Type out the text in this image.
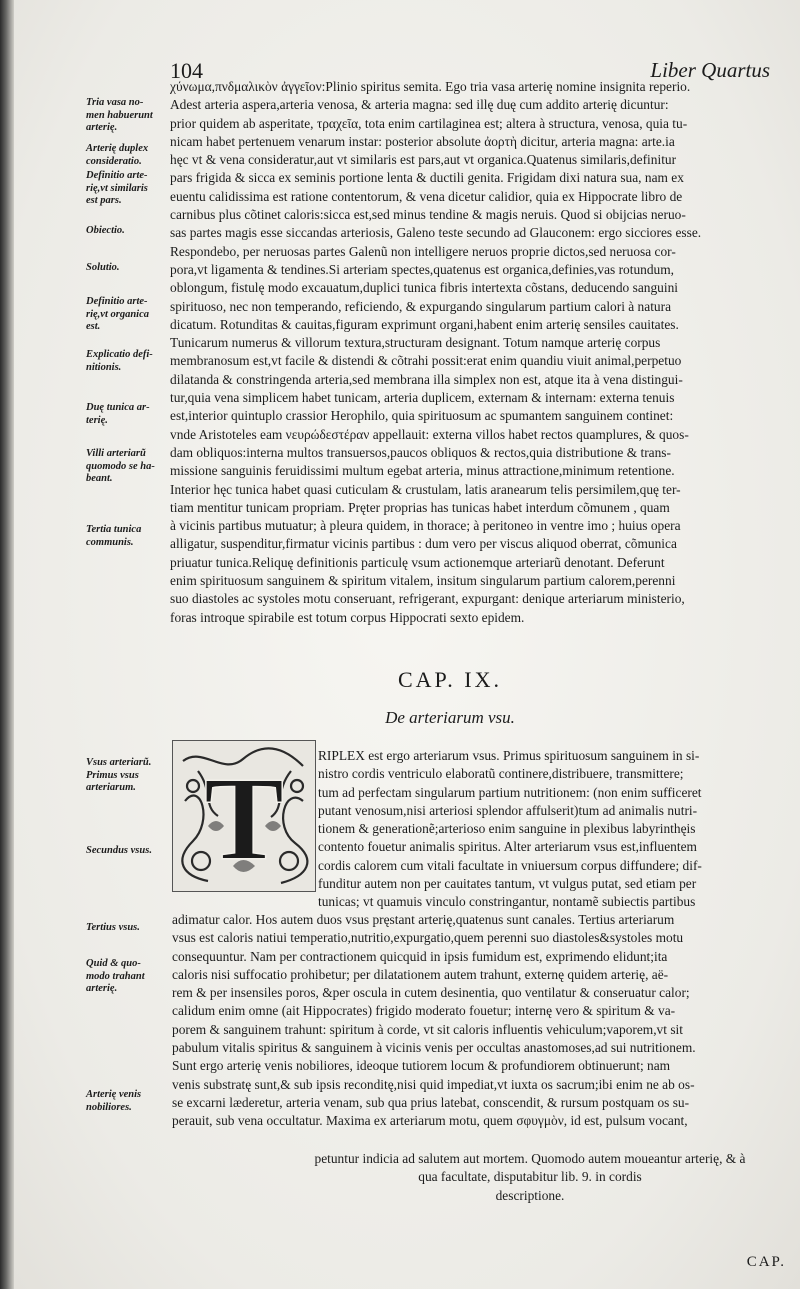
104	Liber Quartus
Tria vasa no-
men habuerunt
arterię.
Arterię duplex
consideratio.
Definitio arte-
rię,vt similaris
est pars.
Obiectio.
Solutio.
Definitio arte-
rię,vt organica
est.
Explicatio defi-
nitionis.
Duę tunica ar-
terię.
Villi arteriarũ
quomodo se ha-
beant.
Tertia tunica
communis.
Vsus arteriarũ.
Primus vsus
arteriarum.
Secundus vsus.
Tertius vsus.
Quid & quo-
modo trahant
arterię.
Arterię venis
nobiliores.

χύνωμα,πνδμαλικὸν ἀγγεῖον:Plinio spiritus semita. Ego tria vasa arterię nomine insignita reperio.

Adest arteria aspera,arteria venosa, & arteria magna: sed illę duę cum addito arterię dicuntur:

prior quidem ab asperitate, τραχεῖα, tota enim cartilaginea est; altera à structura, venosa, quia tu-

nicam habet pertenuem venarum instar: posterior absolute ἀορτὴ dicitur, arteria magna: arte.ia

hęc vt & vena consideratur,aut vt similaris est pars,aut vt organica.Quatenus similaris,definitur

pars frigida & sicca ex seminis portione lenta & ductili genita. Frigidam dixi natura sua, nam ex

euentu calidissima est ratione contentorum, & vena dicetur calidior, quia ex Hippocrate libro de

carnibus plus cõtinet caloris:sicca est,sed minus tendine & magis neruis. Quod si obijcias neruo-

sas partes magis esse siccandas arteriosis, Galeno teste secundo ad Glauconem: ergo sicciores esse.

Respondebo, per neruosas partes Galenũ non intelligere neruos proprie dictos,sed neruosa cor-

pora,vt ligamenta & tendines.Si arteriam spectes,quatenus est organica,definies,vas rotundum,

oblongum, fistulę modo excauatum,duplici tunica fibris intertexta cõstans, deducendo sanguini

spirituoso, nec non temperando, reficiendo, & expurgando singularum partium calori à natura

dicatum. Rotunditas & cauitas,figuram exprimunt organi,habent enim arterię sensiles cauitates.

Tunicarum numerus & villorum textura,structuram designant. Totum namque arterię corpus

membranosum est,vt facile & distendi & cõtrahi possit:erat enim quandiu viuit animal,perpetuo

dilatanda & constringenda arteria,sed membrana illa simplex non est, atque ita à vena distingui-

tur,quia vena simplicem habet tunicam, arteria duplicem, externam & internam: externa tenuis

est,interior quintuplo crassior Herophilo, quia spirituosum ac spumantem sanguinem continet:

vnde Aristoteles eam νευρώδεστέραν appellauit: externa villos habet rectos quamplures, & quos-

dam obliquos:interna multos transuersos,paucos obliquos & rectos,quia distributione & trans-

missione sanguinis feruidissimi multum egebat arteria, minus attractione,minimum retentione.

Interior hęc tunica habet quasi cuticulam & crustulam, latis aranearum telis persimilem,quę ter-

tiam mentitur tunicam propriam. Pręter proprias has tunicas habet interdum cõmunem , quam

à vicinis partibus mutuatur; à pleura quidem, in thorace; à peritoneo in ventre imo ; huius opera

alligatur, suspenditur,firmatur vicinis partibus : dum vero per viscus aliquod oberrat, cõmunica

priuatur tunica.Reliquę definitionis particulę vsum actionemque arteriarũ denotant. Deferunt

enim spirituosum sanguinem & spiritum vitalem, insitum singularum partium calorem,perenni

suo diastoles ac systoles motu conseruant, refrigerant, expurgant: denique arteriarum ministerio,

foras introque spirabile est totum corpus Hippocrati sexto epidem.

CAP. IX.
De arteriarum vsu.
T	RIPLEX est ergo arteriarum vsus. Primus spirituosum sanguinem in si-

nistro cordis ventriculo elaboratũ continere,distribuere, transmittere;

tum ad perfectam singularum partium nutritionem: (non enim sufficeret

putant venosum,nisi arteriosi splendor affulserit)tum ad animalis nutri-

tionem & generationẽ;arterioso enim sanguine in plexibus labyrinthęis

contento fouetur animalis spiritus. Alter arteriarum vsus est,influentem

cordis calorem cum vitali facultate in vniuersum corpus diffundere; dif-

funditur autem non per cauitates tantum, vt vulgus putat, sed etiam per

tunicas; vt quamuis vinculo constringantur, nontamẽ subiectis partibus

adimatur calor. Hos autem duos vsus pręstant arterię,quatenus sunt canales. Tertius arteriarum

vsus est caloris natiui temperatio,nutritio,expurgatio,quem perenni suo diastoles&systoles motu

consequuntur. Nam per contractionem quicquid in ipsis fumidum est, exprimendo elidunt;ita

caloris nisi suffocatio prohibetur; per dilatationem autem trahunt, externę quidem arterię, aë-

rem & per insensiles poros, &per oscula in cutem desinentia, quo ventilatur & conseruatur calor;

calidum enim omne (ait Hippocrates) frigido moderato fouetur; internę vero & spiritum & va-

porem & sanguinem trahunt: spiritum à corde, vt sit caloris influentis vehiculum;vaporem,vt sit

pabulum vitalis spiritus & sanguinem à vicinis venis per occultas anastomoses,ad sui nutritionem.

Sunt ergo arterię venis nobiliores, ideoque tutiorem locum & profundiorem obtinuerunt; nam

venis substratę sunt,& sub ipsis reconditę,nisi quid impediat,vt iuxta os sacrum;ibi enim ne ab os-

se excarni læderetur, arteria venam, sub qua prius latebat, conscendit, & rursum postquam os su-

perauit, sub vena occultatur. Maxima ex arteriarum motu, quem σφυγμὸν, id est, pulsum vocant,

petuntur indicia ad salutem aut mortem. Quomodo autem moueantur arterię, & à

qua facultate, disputabitur lib. 9. in cordis

descriptione.

CAP.
